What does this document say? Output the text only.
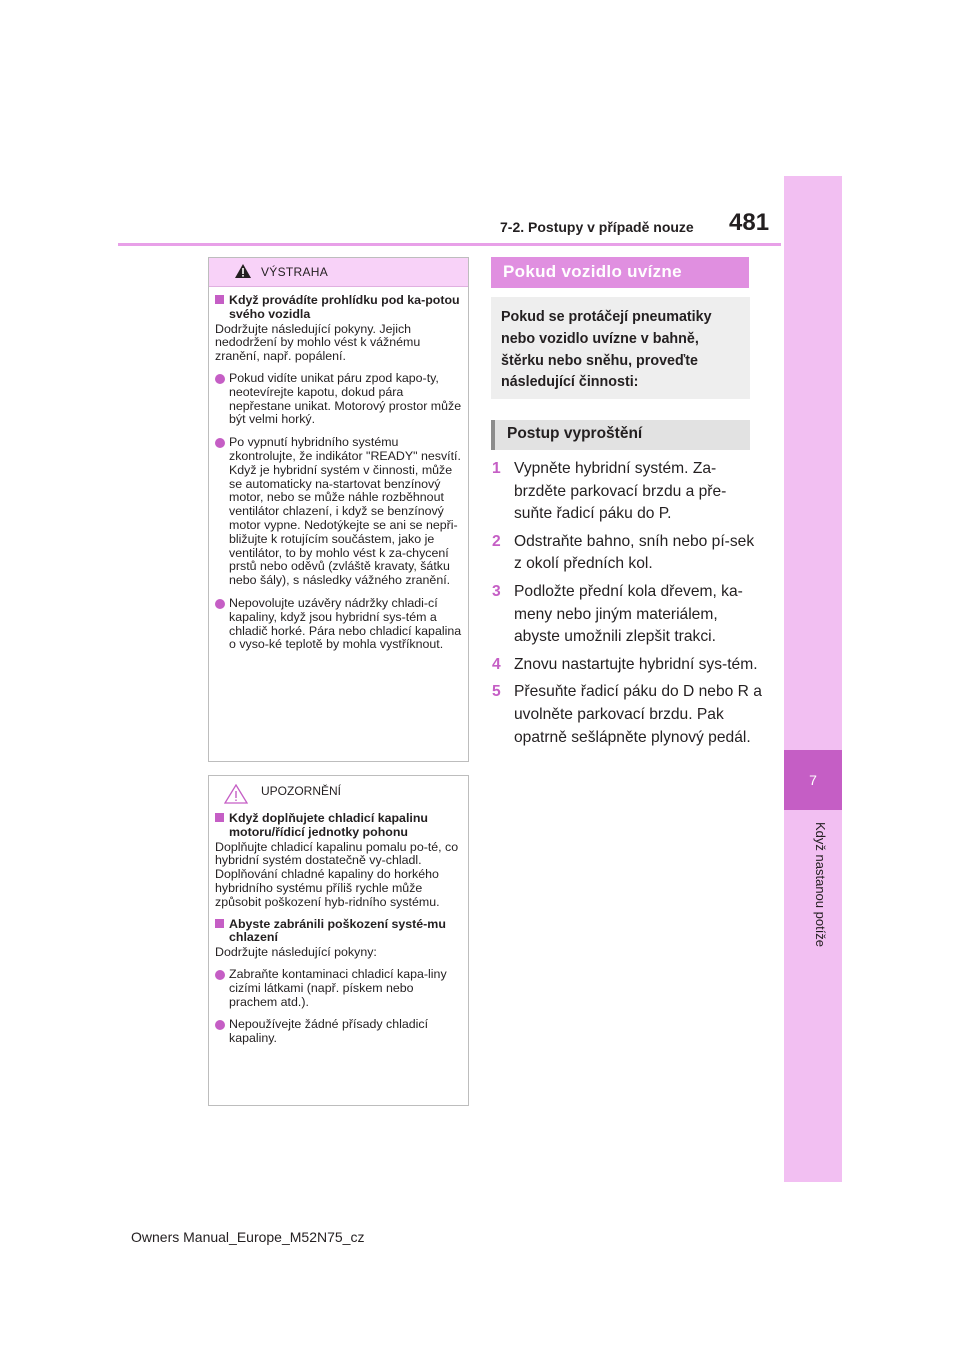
7-2. Postupy v případě nouze 481
7
Když nastanou potíže
VÝSTRAHA
Když provádíte prohlídku pod ka-potou svého vozidla
Dodržujte následující pokyny. Jejich nedodržení by mohlo vést k vážnému zranění, např. popálení.
Pokud vidíte unikat páru zpod kapo-ty, neotevírejte kapotu, dokud pára nepřestane unikat. Motorový prostor může být velmi horký.
Po vypnutí hybridního systému zkontrolujte, že indikátor "READY" nesvítí. Když je hybridní systém v činnosti, může se automaticky na-startovat benzínový motor, nebo se může náhle rozběhnout ventilátor chlazení, i když se benzínový motor vypne. Nedotýkejte se ani se nepři-bližujte k rotujícím součástem, jako je ventilátor, to by mohlo vést k za-chycení prstů nebo oděvů (zvláště kravaty, šátku nebo šály), s následky vážného zranění.
Nepovolujte uzávěry nádržky chladi-cí kapaliny, když jsou hybridní sys-tém a chladič horké. Pára nebo chladicí kapalina o vyso-ké teplotě by mohla vystříknout.
UPOZORNĚNÍ
Když doplňujete chladicí kapalinu motoru/řídicí jednotky pohonu
Doplňujte chladicí kapalinu pomalu po-té, co hybridní systém dostatečně vy-chladl. Doplňování chladné kapaliny do horkého hybridního systému příliš rychle může způsobit poškození hyb-ridního systému.
Abyste zabránili poškození systé-mu chlazení
Dodržujte následující pokyny:
Zabraňte kontaminaci chladicí kapa-liny cizími látkami (např. pískem nebo prachem atd.).
Nepoužívejte žádné přísady chladicí kapaliny.
Pokud vozidlo uvízne
Pokud se protáčejí pneumatiky nebo vozidlo uvízne v bahně, štěrku nebo sněhu, proveďte následující činnosti:
Postup vyproštění
1 Vypněte hybridní systém. Za-brzděte parkovací brzdu a pře-suňte řadicí páku do P.
2 Odstraňte bahno, sníh nebo pí-sek z okolí předních kol.
3 Podložte přední kola dřevem, ka-meny nebo jiným materiálem, abyste umožnili zlepšit trakci.
4 Znovu nastartujte hybridní sys-tém.
5 Přesuňte řadicí páku do D nebo R a uvolněte parkovací brzdu. Pak opatrně sešlápněte plynový pedál.
Owners Manual_Europe_M52N75_cz
